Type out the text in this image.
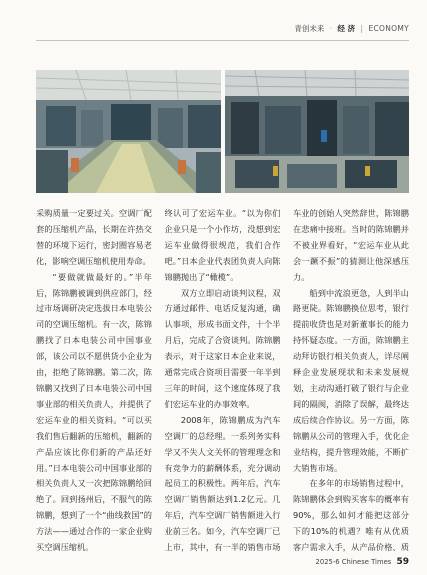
青创未来 · 经 济 | ECONOMY

采购质量一定要过关。空调厂配套的压缩机产品，长期在许热交替的环境下运行，密封圈容易老化，影响空调压缩机使用寿命。

“要做就做最好的。”半年后，陈锦鹏被调到供应部门，经过市场调研决定选拔日本电装公司的空调压缩机。有一次，陈锦鹏找了日本电装公司中国事业部，该公司以不愿供货小企业为由，拒绝了陈锦鹏。第二次，陈锦鹏又找到了日本电装公司中国事业部的相关负责人，并提供了宏运车业的相关资料。“可以买我们售后翻新的压缩机，翻新的产品应该比你们新的产品还好用。”日本电装公司中国事业部的相关负责人又一次把陈锦鹏给回绝了。回到扬州后，不服气的陈锦鹏，想到了一个“曲线救国”的方法——通过合作的一家企业购买空调压缩机。

终认可了宏运车业。“以为你们企业只是一个小作坊，没想到宏运车业做得很规范，我们合作吧。”日本企业代表团负责人向陈锦鹏抛出了“橄榄”。

双方立即启动谈判议程，双方通过邮件、电话反复沟通，确认事项，形成书面文件，十个半月后，完成了合资谈判。陈锦鹏表示，对于这家日本企业来说，通常完成合资项目需要一年半到三年的时间，这个速度体现了我们宏运车业的办事效率。

2008年，陈锦鹏成为汽车空调厂的总经理。一系列务实科学又不失人文关怀的管理理念和有竞争力的薪酬体系，充分调动起员工的积极性。两年后，汽车空调厂销售额达到1.2亿元。几年后，汽车空调厂销售额进入行业前三名。如今，汽车空调厂已上市，其中，有一半的销售市场

车业的创始人突然辞世，陈锦鹏在悲痛中接班。当时的陈锦鹏并不被业界看好，“宏运车业从此会一蹶不振”的猜测让他深感压力。

船到中流浪更急，人到半山路更陡。陈锦鹏换位思考，银行提前收贷也是对新董事长的能力持怀疑态度。一方面，陈锦鹏主动拜访银行相关负责人，详尽阐释企业发展现状和未来发展规划，主动沟通打破了银行与企业间的隔阂，消除了误解，最终达成后续合作协议。另一方面，陈锦鹏从公司的管理入手，优化企业结构，提升管理效能，不断扩大销售市场。

在多年的市场销售过程中，陈锦鹏体会到购买客车的概率有90%，那么如何才能把这部分下的10%的机遇？唯有从优质客户需求入手，从产品价格、质

2025-6 Chinese Times 59
